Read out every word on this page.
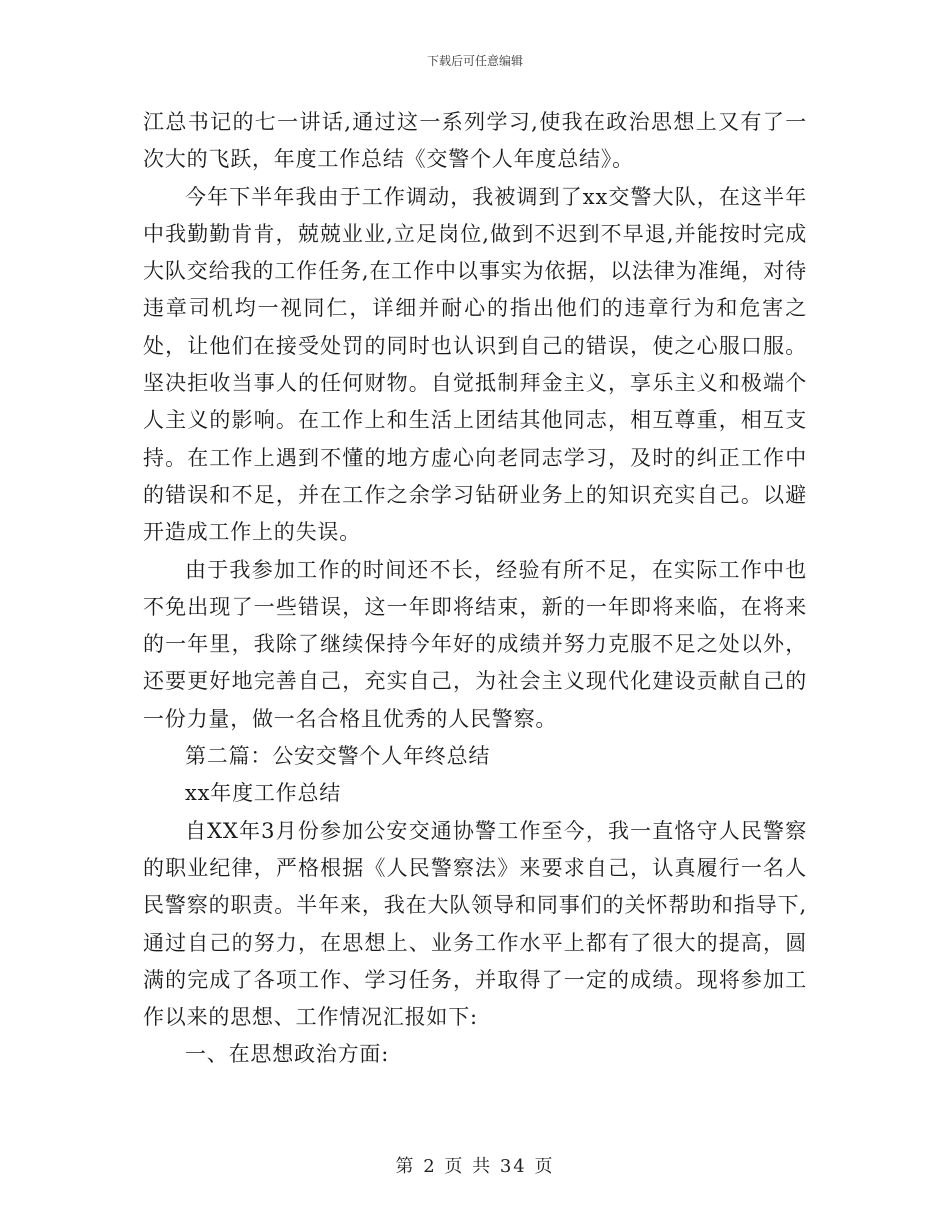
下载后可任意编辑

江总书记的七一讲话,通过这一系列学习,使我在政治思想上又有了一次大的飞跃，年度工作总结《交警个人年度总结》。

今年下半年我由于工作调动，我被调到了xx交警大队，在这半年中我勤勤肯肯，兢兢业业,立足岗位,做到不迟到不早退,并能按时完成大队交给我的工作任务,在工作中以事实为依据，以法律为准绳，对待违章司机均一视同仁，详细并耐心的指出他们的违章行为和危害之处，让他们在接受处罚的同时也认识到自己的错误，使之心服口服。坚决拒收当事人的任何财物。自觉抵制拜金主义，享乐主义和极端个人主义的影响。在工作上和生活上团结其他同志，相互尊重，相互支持。在工作上遇到不懂的地方虚心向老同志学习，及时的纠正工作中的错误和不足，并在工作之余学习钻研业务上的知识充实自己。以避开造成工作上的失误。

由于我参加工作的时间还不长，经验有所不足，在实际工作中也不免出现了一些错误，这一年即将结束，新的一年即将来临，在将来的一年里，我除了继续保持今年好的成绩并努力克服不足之处以外，还要更好地完善自己，充实自己，为社会主义现代化建设贡献自己的一份力量，做一名合格且优秀的人民警察。

第二篇：公安交警个人年终总结

xx年度工作总结

自XX年3月份参加公安交通协警工作至今，我一直恪守人民警察的职业纪律，严格根据《人民警察法》来要求自己，认真履行一名人民警察的职责。半年来，我在大队领导和同事们的关怀帮助和指导下,通过自己的努力，在思想上、业务工作水平上都有了很大的提高，圆满的完成了各项工作、学习任务，并取得了一定的成绩。现将参加工作以来的思想、工作情况汇报如下:

一、在思想政治方面:

第 2 页 共 34 页
